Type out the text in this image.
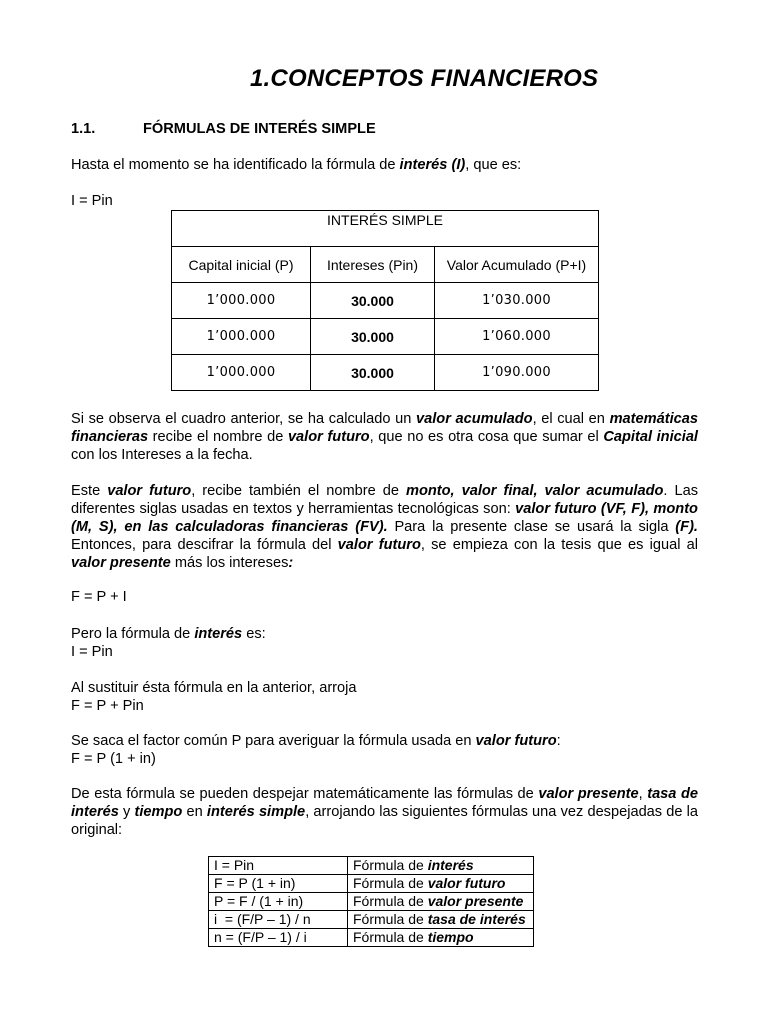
1.CONCEPTOS FINANCIEROS
1.1.	FÓRMULAS DE INTERÉS SIMPLE
Hasta el momento se ha identificado la fórmula de interés (I), que es:
I = Pin
INTERÉS SIMPLE		
Capital inicial (P)	Intereses (Pin)	Valor Acumulado (P+I)
1’000.000	30.000	1’030.000
1’000.000	30.000	1’060.000
1’000.000	30.000	1’090.000
Si se observa el cuadro anterior, se ha calculado un valor acumulado, el cual en matemáticas financieras recibe el nombre de valor futuro, que no es otra cosa que sumar el Capital inicial con los Intereses a la fecha.
Este valor futuro, recibe también el nombre de monto, valor final, valor acumulado. Las diferentes siglas usadas en textos y herramientas tecnológicas son: valor futuro (VF, F), monto (M, S), en las calculadoras financieras (FV). Para la presente clase se usará la sigla (F). Entonces, para descifrar la fórmula del valor futuro, se empieza con la tesis que es igual al valor presente más los intereses:
F = P + I
Pero la fórmula de interés es:
I = Pin
Al sustituir ésta fórmula en la anterior, arroja
F = P + Pin
Se saca el factor común P para averiguar la fórmula usada en valor futuro:
F = P (1 + in)
De esta fórmula se pueden despejar matemáticamente las fórmulas de valor presente, tasa de interés y tiempo en interés simple, arrojando las siguientes fórmulas una vez despejadas de la original:
I = Pin	Fórmula de interés
F = P (1 + in)	Fórmula de valor futuro
P = F / (1 + in)	Fórmula de valor presente
i  = (F/P – 1) / n	Fórmula de tasa de interés
n = (F/P – 1) / i	Fórmula de tiempo
